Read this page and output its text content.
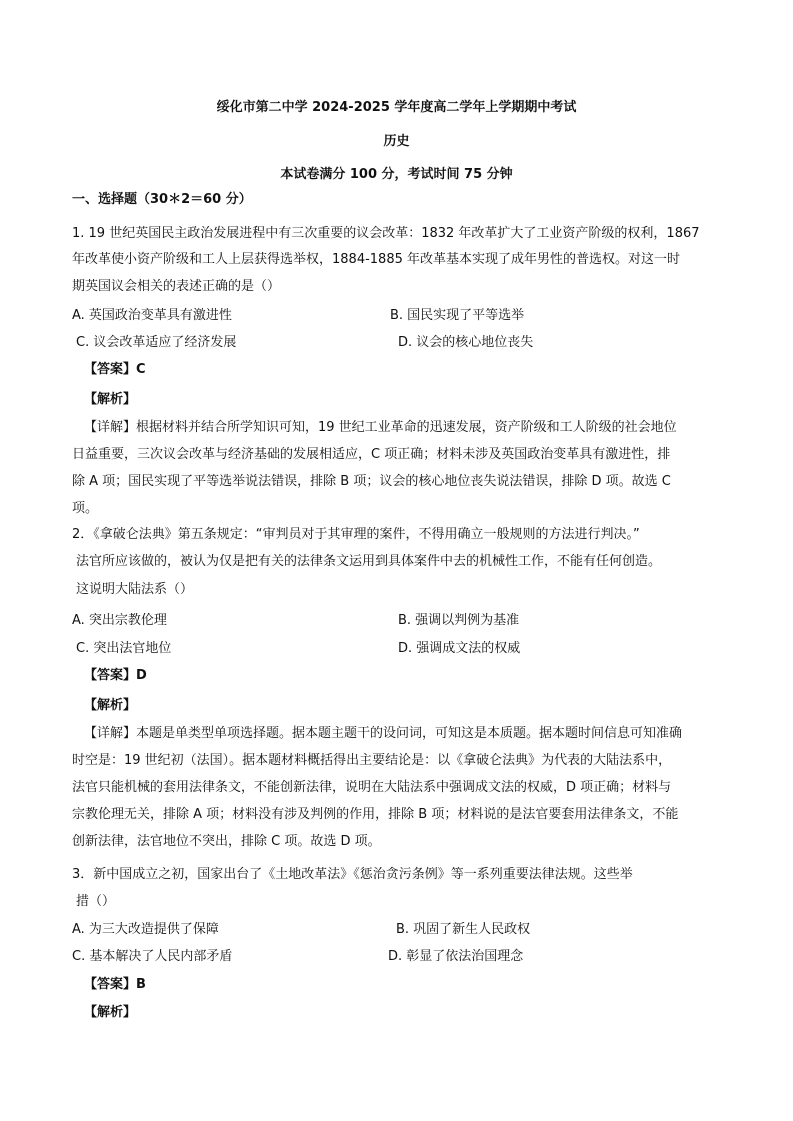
绥化市第二中学 2024-2025 学年度高二学年上学期期中考试
历史
本试卷满分 100 分，考试时间 75 分钟
一、选择题（30＊2＝60 分）
1. 19 世纪英国民主政治发展进程中有三次重要的议会改革：1832 年改革扩大了工业资产阶级的权利，1867
年改革使小资产阶级和工人上层获得选举权，1884-1885 年改革基本实现了成年男性的普选权。对这一时
期英国议会相关的表述正确的是（）
A. 英国政治变革具有激进性	B. 国民实现了平等选举
C. 议会改革适应了经济发展	D. 议会的核心地位丧失
【答案】C
【解析】
【详解】根据材料并结合所学知识可知，19 世纪工业革命的迅速发展，资产阶级和工人阶级的社会地位
日益重要，三次议会改革与经济基础的发展相适应，C 项正确；材料未涉及英国政治变革具有激进性，排
除 A 项；国民实现了平等选举说法错误，排除 B 项；议会的核心地位丧失说法错误，排除 D 项。故选 C
项。
2．《拿破仑法典》第五条规定：“审判员对于其审理的案件，不得用确立一般规则的方法进行判决。”
法官所应该做的，被认为仅是把有关的法律条文运用到具体案件中去的机械性工作，不能有任何创造。
这说明大陆法系（）
A. 突出宗教伦理	B. 强调以判例为基准
C. 突出法官地位	D. 强调成文法的权威
【答案】D
【解析】
【详解】本题是单类型单项选择题。据本题主题干的设问词，可知这是本质题。据本题时间信息可知准确
时空是：19 世纪初（法国）。据本题材料概括得出主要结论是：以《拿破仑法典》为代表的大陆法系中，
法官只能机械的套用法律条文，不能创新法律，说明在大陆法系中强调成文法的权威，D 项正确；材料与
宗教伦理无关，排除 A 项；材料没有涉及判例的作用，排除 B 项；材料说的是法官要套用法律条文，不能
创新法律，法官地位不突出，排除 C 项。故选 D 项。
3．新中国成立之初，国家出台了《土地改革法》《惩治贪污条例》等一系列重要法律法规。这些举
措（）
A. 为三大改造提供了保障	B. 巩固了新生人民政权
C. 基本解决了人民内部矛盾	D. 彰显了依法治国理念
【答案】B
【解析】
